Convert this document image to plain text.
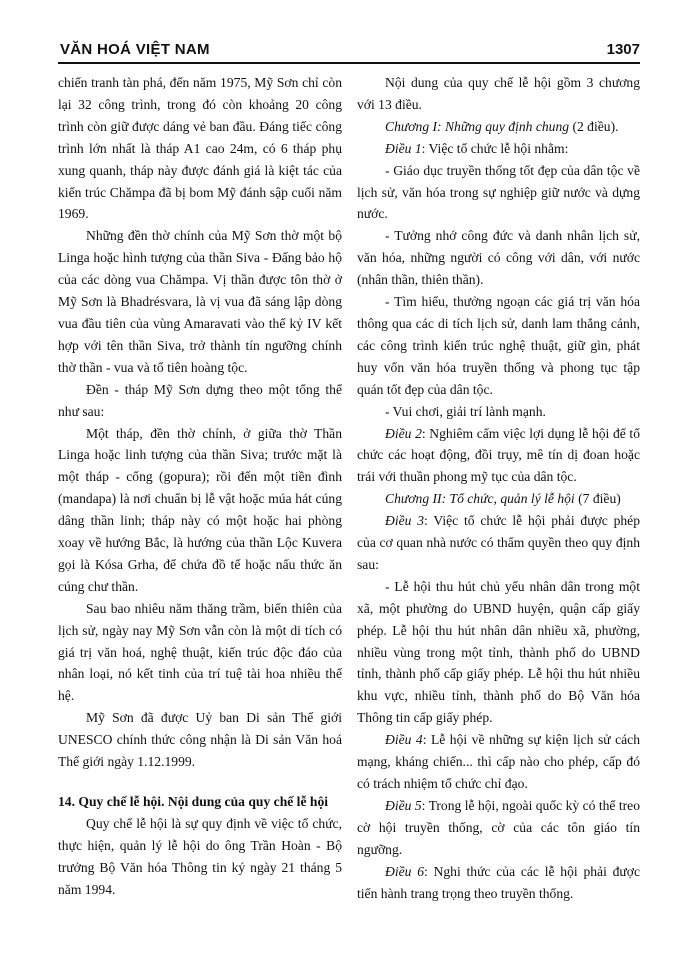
VĂN HOÁ VIỆT NAM	1307

chiến tranh tàn phá, đến năm 1975, Mỹ Sơn chỉ còn lại 32 công trình, trong đó còn khoảng 20 công trình còn giữ được dáng vẻ ban đầu. Đáng tiếc công trình lớn nhất là tháp A1 cao 24m, có 6 tháp phụ xung quanh, tháp này được đánh giá là kiệt tác của kiến trúc Chămpa đã bị bom Mỹ đánh sập cuối năm 1969.

Những đền thờ chính của Mỹ Sơn thờ một bộ Linga hoặc hình tượng của thần Siva - Đấng bảo hộ của các dòng vua Chămpa. Vị thần được tôn thờ ở Mỹ Sơn là Bhadrésvara, là vị vua đã sáng lập dòng vua đầu tiên của vùng Amaravati vào thế kỷ IV kết hợp với tên thần Siva, trở thành tín ngưỡng chính thờ thần - vua và tổ tiên hoàng tộc.

Đền - tháp Mỹ Sơn dựng theo một tổng thể như sau:

Một tháp, đền thờ chính, ở giữa thờ Thần Linga hoặc linh tượng của thần Siva; trước mặt là một tháp - cổng (gopura); rồi đến một tiền đình (mandapa) là nơi chuẩn bị lễ vật hoặc múa hát cúng dâng thần linh; tháp này có một hoặc hai phòng xoay về hướng Bắc, là hướng của thần Lộc Kuvera gọi là Kósa Grha, để chứa đồ tế hoặc nấu thức ăn cúng chư thần.

Sau bao nhiêu năm thăng trầm, biến thiên của lịch sử, ngày nay Mỹ Sơn vẫn còn là một di tích có giá trị văn hoá, nghệ thuật, kiến trúc độc đáo của nhân loại, nó kết tinh của trí tuệ tài hoa nhiều thế hệ.

Mỹ Sơn đã được Uỷ ban Di sản Thế giới UNESCO chính thức công nhận là Di sản Văn hoá Thế giới ngày 1.12.1999.

14. Quy chế lễ hội. Nội dung của quy chế lễ hội

Quy chế lễ hội là sự quy định về việc tổ chức, thực hiện, quản lý lễ hội do ông Trần Hoàn - Bộ trưởng Bộ Văn hóa Thông tin ký ngày 21 tháng 5 năm 1994.

Nội dung của quy chế lễ hội gồm 3 chương với 13 điều.

Chương I: Những quy định chung (2 điều).

Điều 1: Việc tổ chức lễ hội nhằm:

- Giáo dục truyền thống tốt đẹp của dân tộc về lịch sử, văn hóa trong sự nghiệp giữ nước và dựng nước.

- Tưởng nhớ công đức và danh nhân lịch sử, văn hóa, những người có công với dân, với nước (nhân thần, thiên thần).

- Tìm hiểu, thưởng ngoạn các giá trị văn hóa thông qua các di tích lịch sử, danh lam thắng cảnh, các công trình kiến trúc nghệ thuật, giữ gìn, phát huy vốn văn hóa truyền thống và phong tục tập quán tốt đẹp của dân tộc.

- Vui chơi, giải trí lành mạnh.

Điều 2: Nghiêm cấm việc lợi dụng lễ hội để tổ chức các hoạt động, đồi trụy, mê tín dị đoan hoặc trái với thuần phong mỹ tục của dân tộc.

Chương II: Tổ chức, quản lý lễ hội (7 điều)

Điều 3: Việc tổ chức lễ hội phải được phép của cơ quan nhà nước có thẩm quyền theo quy định sau:

- Lễ hội thu hút chủ yếu nhân dân trong một xã, một phường do UBND huyện, quận cấp giấy phép. Lễ hội thu hút nhân dân nhiều xã, phường, nhiều vùng trong một tỉnh, thành phố do UBND tỉnh, thành phố cấp giấy phép. Lễ hội thu hút nhiều khu vực, nhiều tỉnh, thành phố do Bộ Văn hóa Thông tin cấp giấy phép.

Điều 4: Lễ hội về những sự kiện lịch sử cách mạng, kháng chiến... thì cấp nào cho phép, cấp đó có trách nhiệm tổ chức chỉ đạo.

Điều 5: Trong lễ hội, ngoài quốc kỳ có thể treo cờ hội truyền thống, cờ của các tôn giáo tín ngưỡng.

Điều 6: Nghi thức của các lễ hội phải được tiến hành trang trọng theo truyền thống.
